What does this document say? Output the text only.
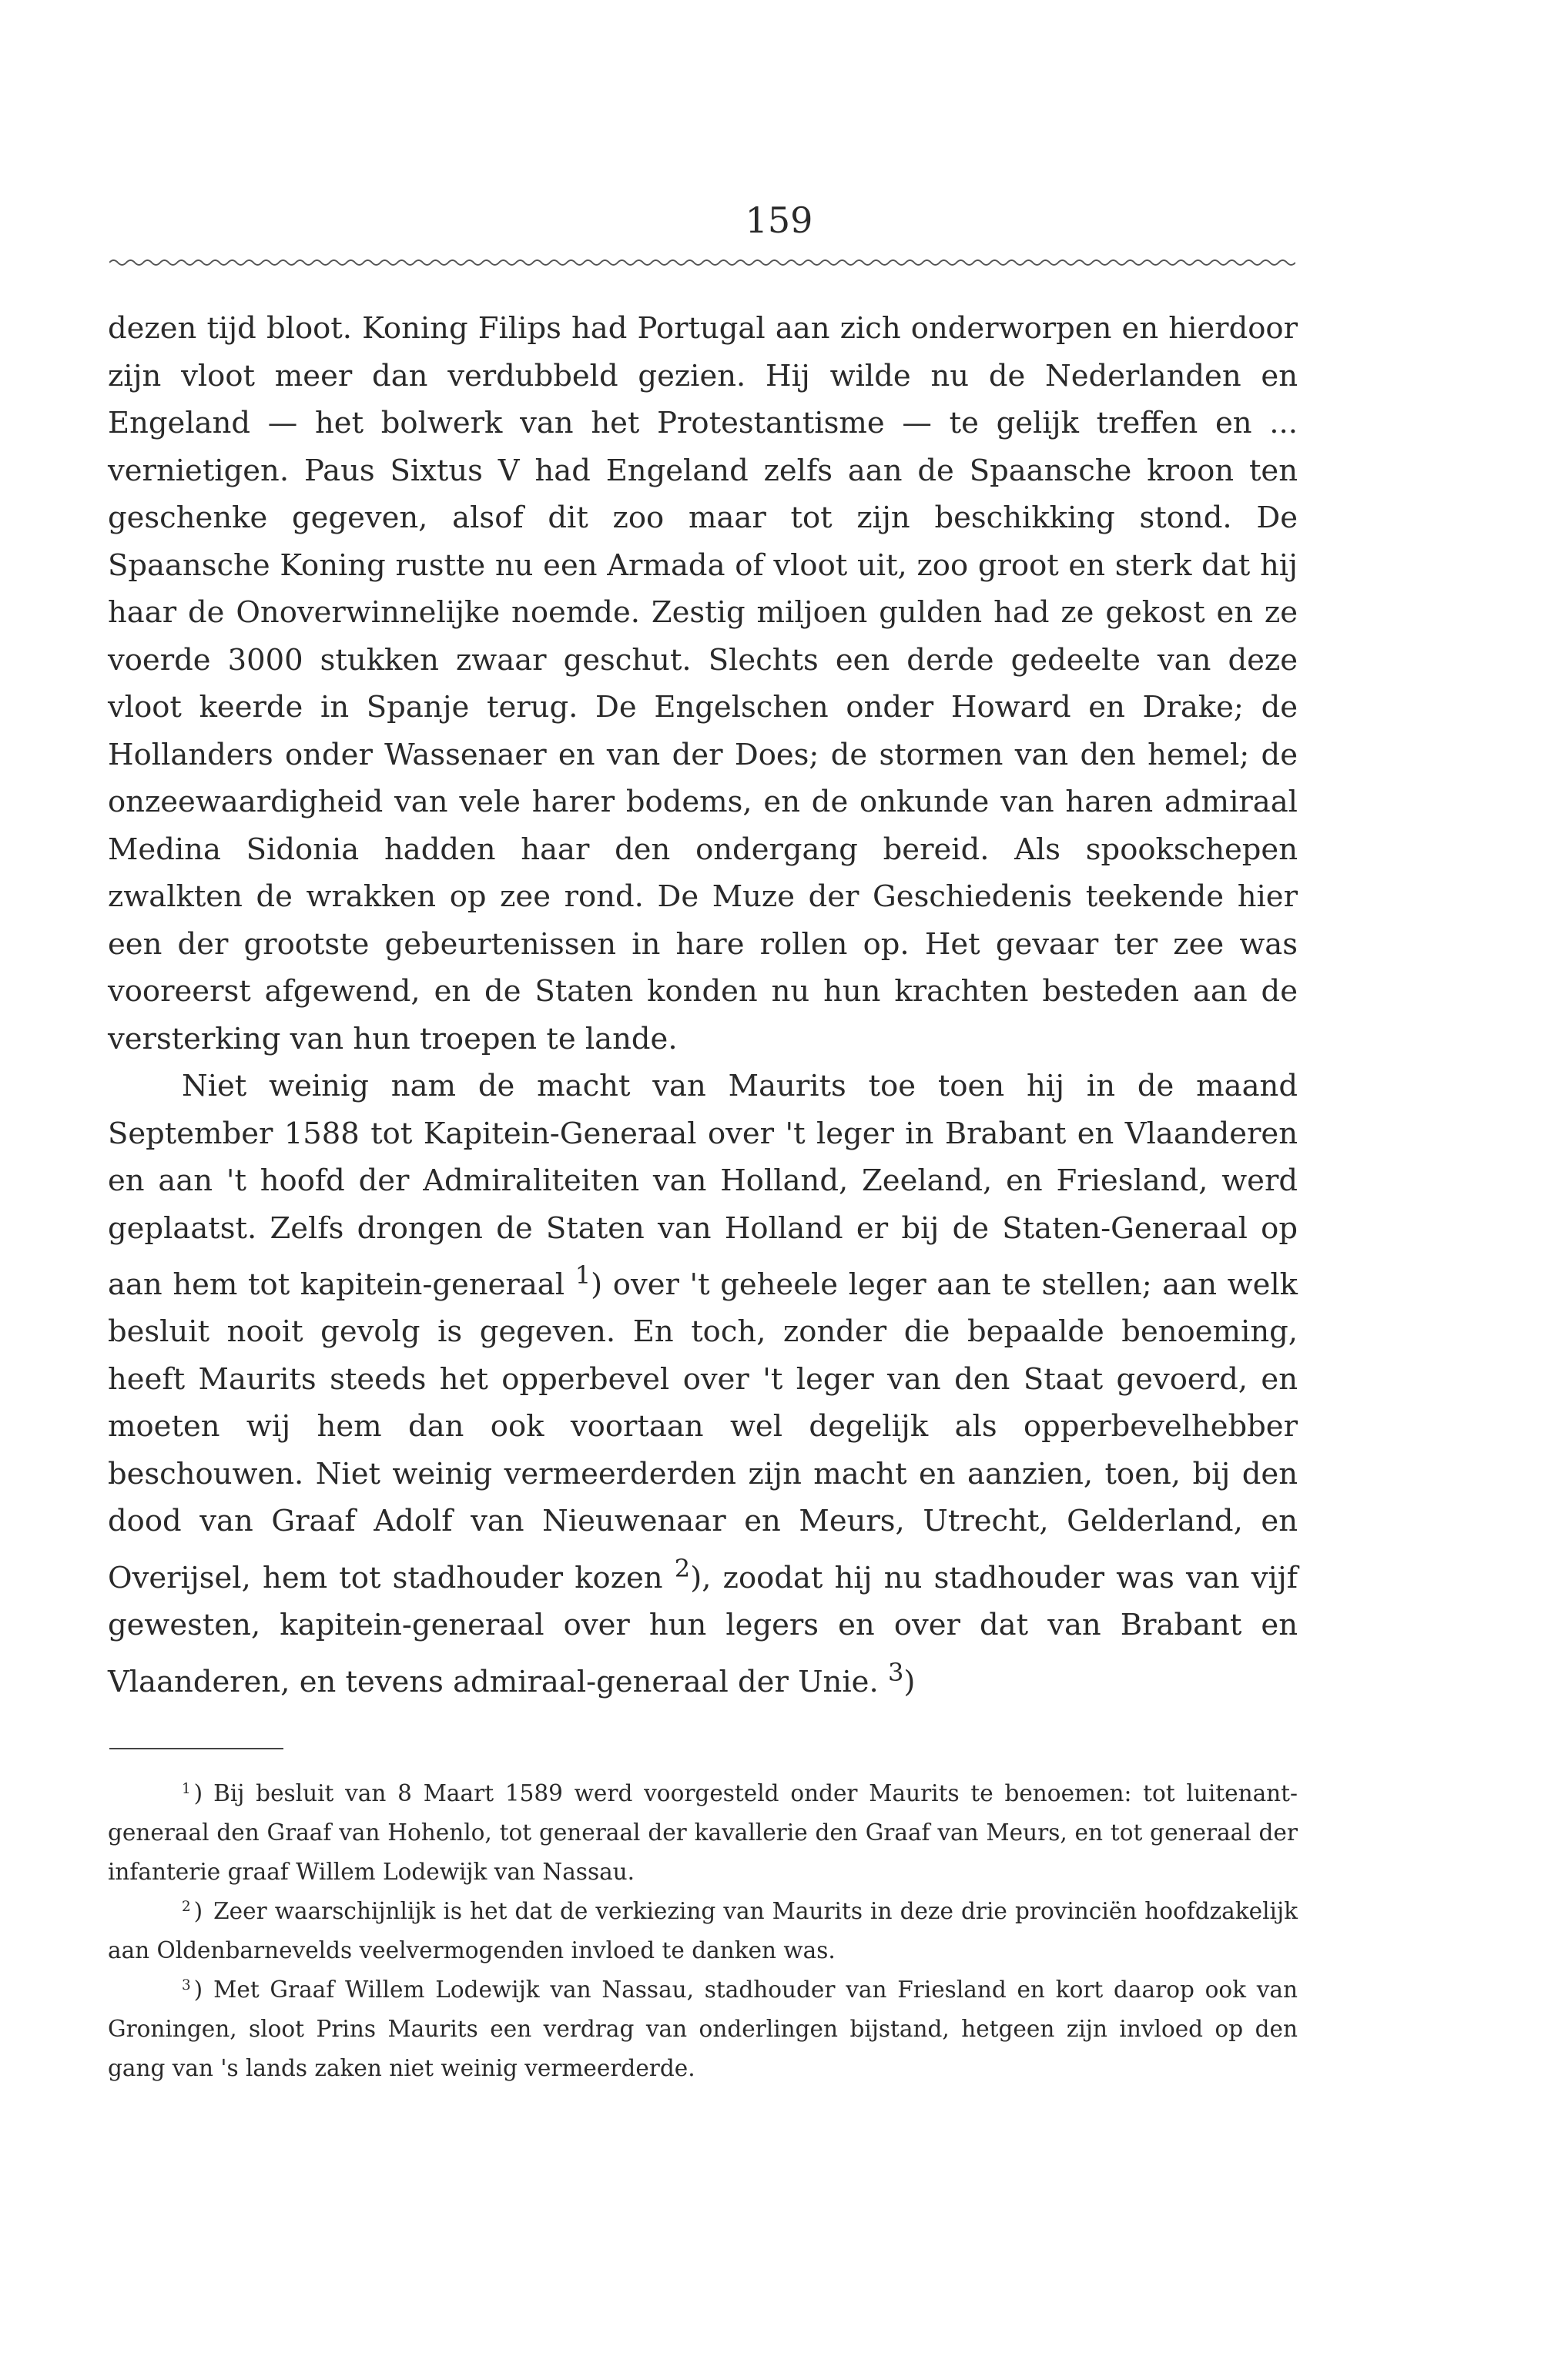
159

dezen tijd bloot. Koning Filips had Portugal aan zich onderworpen en hierdoor zijn vloot meer dan verdubbeld gezien. Hij wilde nu de Nederlanden en Engeland — het bolwerk van het Protestantisme — te gelijk treffen en ... vernietigen. Paus Sixtus V had Engeland zelfs aan de Spaansche kroon ten geschenke gegeven, alsof dit zoo maar tot zijn beschikking stond. De Spaansche Koning rustte nu een Armada of vloot uit, zoo groot en sterk dat hij haar de Onoverwinnelijke noemde. Zestig miljoen gulden had ze gekost en ze voerde 3000 stukken zwaar geschut. Slechts een derde gedeelte van deze vloot keerde in Spanje terug. De Engelschen onder Howard en Drake; de Hollanders onder Wassenaer en van der Does; de stormen van den hemel; de onzeewaardigheid van vele harer bodems, en de onkunde van haren admiraal Medina Sidonia hadden haar den ondergang bereid. Als spookschepen zwalkten de wrakken op zee rond. De Muze der Geschiedenis teekende hier een der grootste gebeurtenissen in hare rollen op. Het gevaar ter zee was vooreerst afgewend, en de Staten konden nu hun krachten besteden aan de versterking van hun troepen te lande.

Niet weinig nam de macht van Maurits toe toen hij in de maand September 1588 tot Kapitein-Generaal over 't leger in Brabant en Vlaanderen en aan 't hoofd der Admiraliteiten van Holland, Zeeland, en Friesland, werd geplaatst. Zelfs drongen de Staten van Holland er bij de Staten-Generaal op aan hem tot kapitein-generaal $^1$) over 't geheele leger aan te stellen; aan welk besluit nooit gevolg is gegeven. En toch, zonder die bepaalde benoeming, heeft Maurits steeds het opperbevel over 't leger van den Staat gevoerd, en moeten wij hem dan ook voortaan wel degelijk als opperbevelhebber beschouwen. Niet weinig vermeerderden zijn macht en aanzien, toen, bij den dood van Graaf Adolf van Nieuwenaar en Meurs, Utrecht, Gelderland, en Overijsel, hem tot stadhouder kozen $^2$), zoodat hij nu stadhouder was van vijf gewesten, kapitein-generaal over hun legers en over dat van Brabant en Vlaanderen, en tevens admiraal-generaal der Unie. $^3$)

$^1$ ) Bij besluit van 8 Maart 1589 werd voorgesteld onder Maurits te benoemen: tot luitenant-generaal den Graaf van Hohenlo, tot generaal der kavallerie den Graaf van Meurs, en tot generaal der infanterie graaf Willem Lodewijk van Nassau.

$^2$ ) Zeer waarschijnlijk is het dat de verkiezing van Maurits in deze drie provinciën hoofdzakelijk aan Oldenbarnevelds veelvermogenden invloed te danken was.

$^3$ ) Met Graaf Willem Lodewijk van Nassau, stadhouder van Friesland en kort daarop ook van Groningen, sloot Prins Maurits een verdrag van onderlingen bijstand, hetgeen zijn invloed op den gang van 's lands zaken niet weinig vermeerderde.
